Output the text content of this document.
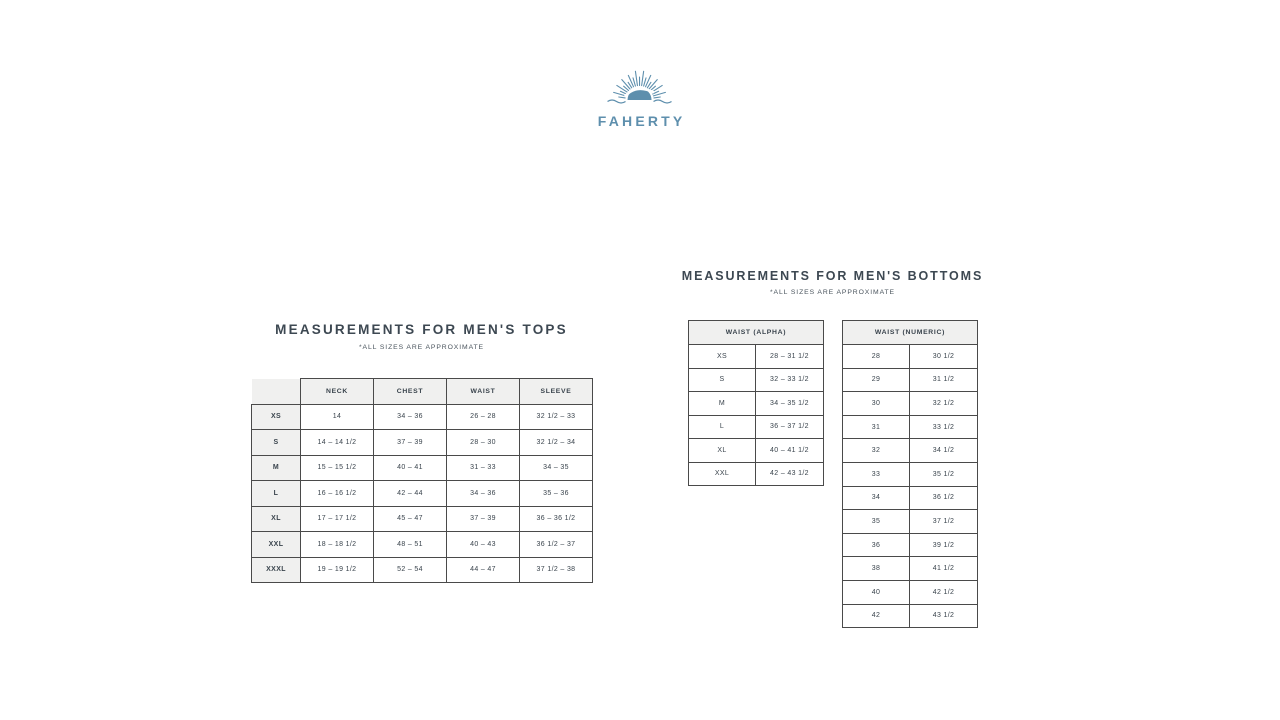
FAHERTY
MEASUREMENTS FOR MEN'S TOPS
*ALL SIZES ARE APPROXIMATE
	NECK	CHEST	WAIST	SLEEVE
XS	14	34 – 36	26 – 28	32 1/2 – 33
S	14 – 14 1/2	37 – 39	28 – 30	32 1/2 – 34
M	15 – 15 1/2	40 – 41	31 – 33	34 – 35
L	16 – 16 1/2	42 – 44	34 – 36	35 – 36
XL	17 – 17 1/2	45 – 47	37 – 39	36 – 36 1/2
XXL	18 – 18 1/2	48 – 51	40 – 43	36 1/2 – 37
XXXL	19 – 19 1/2	52 – 54	44 – 47	37 1/2 – 38
MEASUREMENTS FOR MEN'S BOTTOMS
*ALL SIZES ARE APPROXIMATE
WAIST (ALPHA)	
XS	28 – 31 1/2
S	32 – 33 1/2
M	34 – 35 1/2
L	36 – 37 1/2
XL	40 – 41 1/2
XXL	42 – 43 1/2
WAIST (NUMERIC)	
28	30 1/2
29	31 1/2
30	32 1/2
31	33 1/2
32	34 1/2
33	35 1/2
34	36 1/2
35	37 1/2
36	39 1/2
38	41 1/2
40	42 1/2
42	43 1/2
